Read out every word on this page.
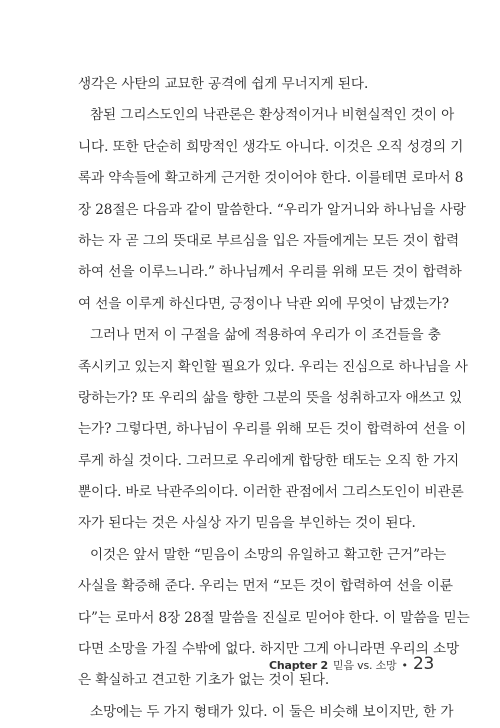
생각은 사탄의 교묘한 공격에 쉽게 무너지게 된다.
참된 그리스도인의 낙관론은 환상적이거나 비현실적인 것이 아
니다. 또한 단순히 희망적인 생각도 아니다. 이것은 오직 성경의 기
록과 약속들에 확고하게 근거한 것이어야 한다. 이를테면 로마서 8
장 28절은 다음과 같이 말씀한다. “우리가 알거니와 하나님을 사랑
하는 자 곧 그의 뜻대로 부르심을 입은 자들에게는 모든 것이 합력
하여 선을 이루느니라.” 하나님께서 우리를 위해 모든 것이 합력하
여 선을 이루게 하신다면, 긍정이나 낙관 외에 무엇이 남겠는가?
그러나 먼저 이 구절을 삶에 적용하여 우리가 이 조건들을 충
족시키고 있는지 확인할 필요가 있다. 우리는 진심으로 하나님을 사
랑하는가? 또 우리의 삶을 향한 그분의 뜻을 성취하고자 애쓰고 있
는가? 그렇다면, 하나님이 우리를 위해 모든 것이 합력하여 선을 이
루게 하실 것이다. 그러므로 우리에게 합당한 태도는 오직 한 가지
뿐이다. 바로 낙관주의이다. 이러한 관점에서 그리스도인이 비관론
자가 된다는 것은 사실상 자기 믿음을 부인하는 것이 된다.
이것은 앞서 말한 “믿음이 소망의 유일하고 확고한 근거”라는
사실을 확증해 준다. 우리는 먼저 “모든 것이 합력하여 선을 이룬
다”는 로마서 8장 28절 말씀을 진실로 믿어야 한다. 이 말씀을 믿는
다면 소망을 가질 수밖에 없다. 하지만 그게 아니라면 우리의 소망
은 확실하고 견고한 기초가 없는 것이 된다.
소망에는 두 가지 형태가 있다. 이 둘은 비슷해 보이지만, 한 가
Chapter 2 믿음 vs. 소망 • 23
